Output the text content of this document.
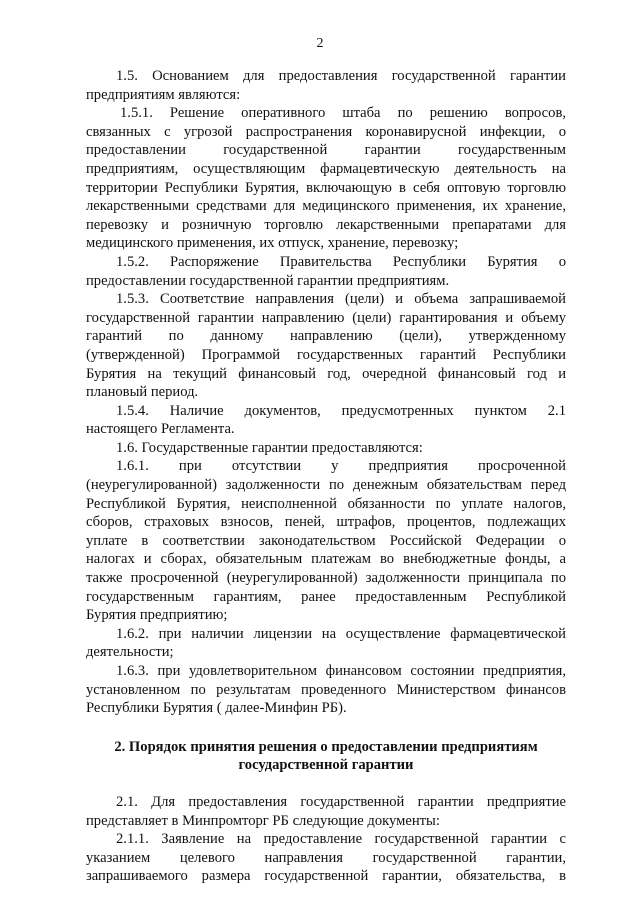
2
1.5. Основанием для предоставления государственной гарантии
предприятиям являются:
1.5.1. Решение оперативного штаба по решению вопросов,
связанных с угрозой распространения коронавирусной инфекции, о
предоставлении государственной гарантии государственным
предприятиям, осуществляющим фармацевтическую деятельность на
территории Республики Бурятия, включающую в себя оптовую торговлю
лекарственными средствами для медицинского применения, их хранение,
перевозку и розничную торговлю лекарственными препаратами для
медицинского применения, их отпуск, хранение, перевозку;
1.5.2. Распоряжение Правительства Республики Бурятия о
предоставлении государственной гарантии предприятиям.
1.5.3. Соответствие направления (цели) и объема запрашиваемой
государственной гарантии направлению (цели) гарантирования и объему
гарантий по данному направлению (цели), утвержденному
(утвержденной) Программой государственных гарантий Республики
Бурятия на текущий финансовый год, очередной финансовый год и
плановый период.
1.5.4. Наличие документов, предусмотренных пунктом 2.1
настоящего Регламента.
1.6. Государственные гарантии предоставляются:
1.6.1. при отсутствии у предприятия просроченной
(неурегулированной) задолженности по денежным обязательствам перед
Республикой Бурятия, неисполненной обязанности по уплате налогов,
сборов, страховых взносов, пеней, штрафов, процентов, подлежащих
уплате в соответствии законодательством Российской Федерации о
налогах и сборах, обязательным платежам во внебюджетные фонды, а
также просроченной (неурегулированной) задолженности принципала по
государственным гарантиям, ранее предоставленным Республикой
Бурятия предприятию;
1.6.2. при наличии лицензии на осуществление фармацевтической
деятельности;
1.6.3. при удовлетворительном финансовом состоянии предприятия,
установленном по результатам проведенного Министерством финансов
Республики Бурятия ( далее-Минфин РБ).
2. Порядок принятия решения о предоставлении предприятиям
государственной гарантии
2.1. Для предоставления государственной гарантии предприятие
представляет в Минпромторг РБ следующие документы:
2.1.1. Заявление на предоставление государственной гарантии с
указанием целевого направления государственной гарантии,
запрашиваемого размера государственной гарантии, обязательства, в
